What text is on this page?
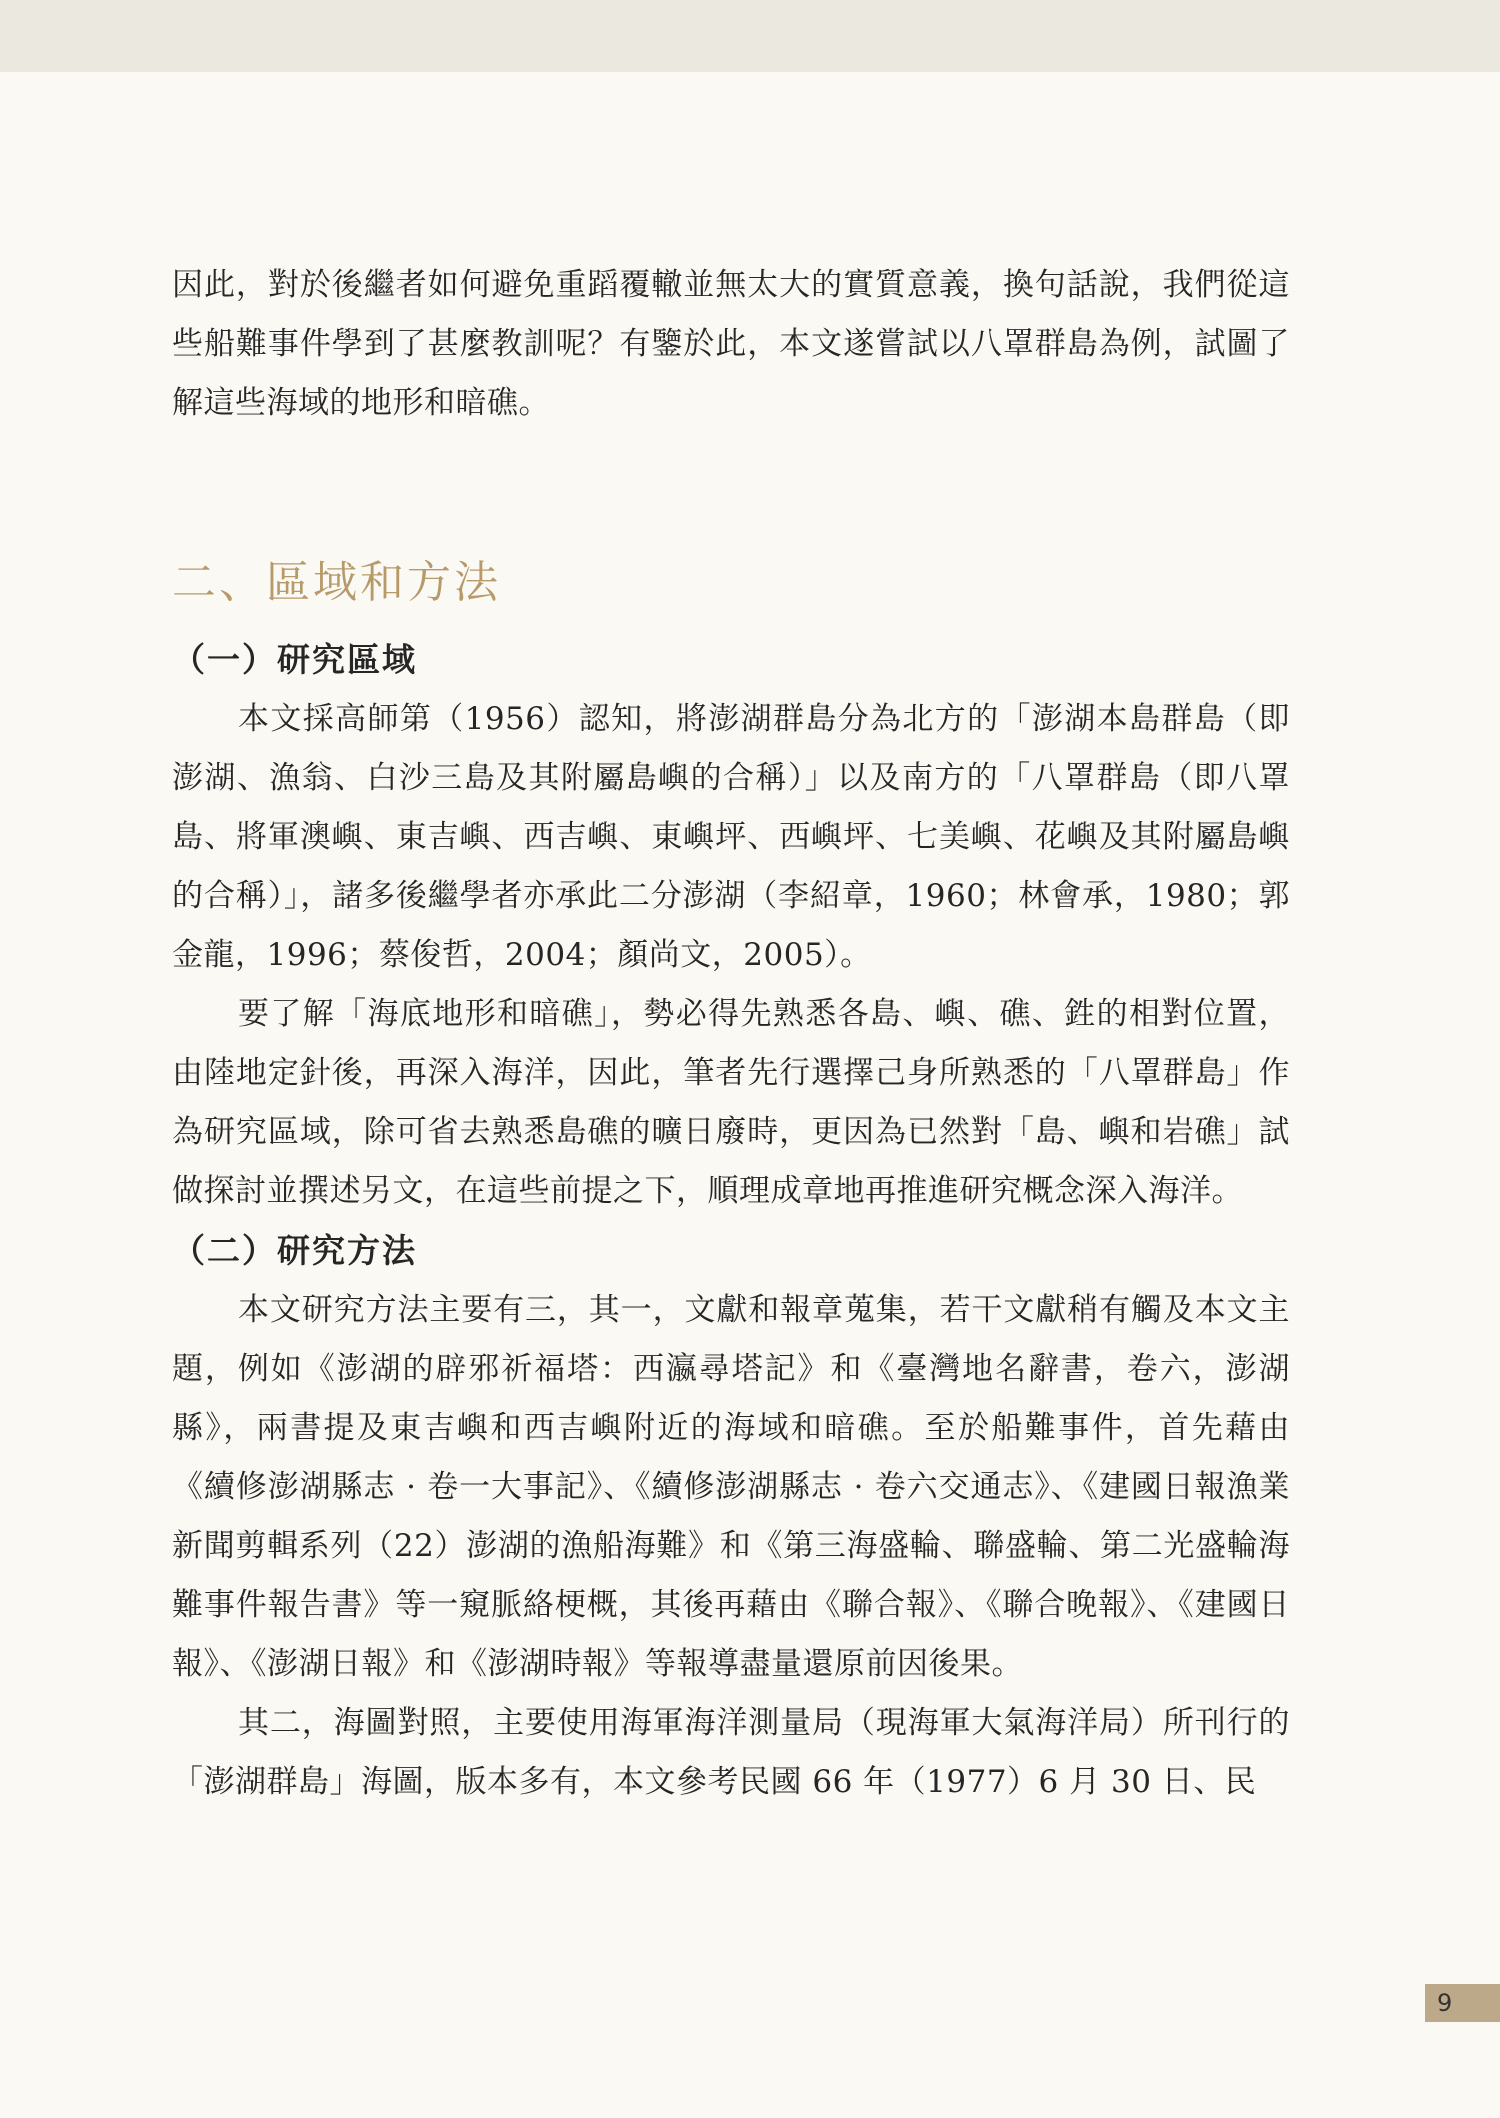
因此，對於後繼者如何避免重蹈覆轍並無太大的實質意義，換句話說，我們從這些船難事件學到了甚麼教訓呢？有鑒於此，本文遂嘗試以八罩群島為例，試圖了解這些海域的地形和暗礁。

二、區域和方法
（一）研究區域

本文採高師第（1956）認知，將澎湖群島分為北方的「澎湖本島群島（即澎湖、漁翁、白沙三島及其附屬島嶼的合稱）」以及南方的「八罩群島（即八罩島、將軍澳嶼、東吉嶼、西吉嶼、東嶼坪、西嶼坪、七美嶼、花嶼及其附屬島嶼的合稱）」，諸多後繼學者亦承此二分澎湖（李紹章，1960；林會承，1980；郭金龍，1996；蔡俊哲，2004；顏尚文，2005）。

要了解「海底地形和暗礁」，勢必得先熟悉各島、嶼、礁、鉎的相對位置，由陸地定針後，再深入海洋，因此，筆者先行選擇己身所熟悉的「八罩群島」作為研究區域，除可省去熟悉島礁的曠日廢時，更因為已然對「島、嶼和岩礁」試做探討並撰述另文，在這些前提之下，順理成章地再推進研究概念深入海洋。

（二）研究方法

本文研究方法主要有三，其一，文獻和報章蒐集，若干文獻稍有觸及本文主題，例如《澎湖的辟邪祈福塔：西瀛尋塔記》和《臺灣地名辭書，卷六，澎湖縣》，兩書提及東吉嶼和西吉嶼附近的海域和暗礁。至於船難事件，首先藉由《續修澎湖縣志 · 卷一大事記》、《續修澎湖縣志 · 卷六交通志》、《建國日報漁業新聞剪輯系列（22）澎湖的漁船海難》和《第三海盛輪、聯盛輪、第二光盛輪海難事件報告書》等一窺脈絡梗概，其後再藉由《聯合報》、《聯合晚報》、《建國日報》、《澎湖日報》和《澎湖時報》等報導盡量還原前因後果。

其二，海圖對照，主要使用海軍海洋測量局（現海軍大氣海洋局）所刊行的「澎湖群島」海圖，版本多有，本文參考民國 66 年（1977）6 月 30 日、民

9
